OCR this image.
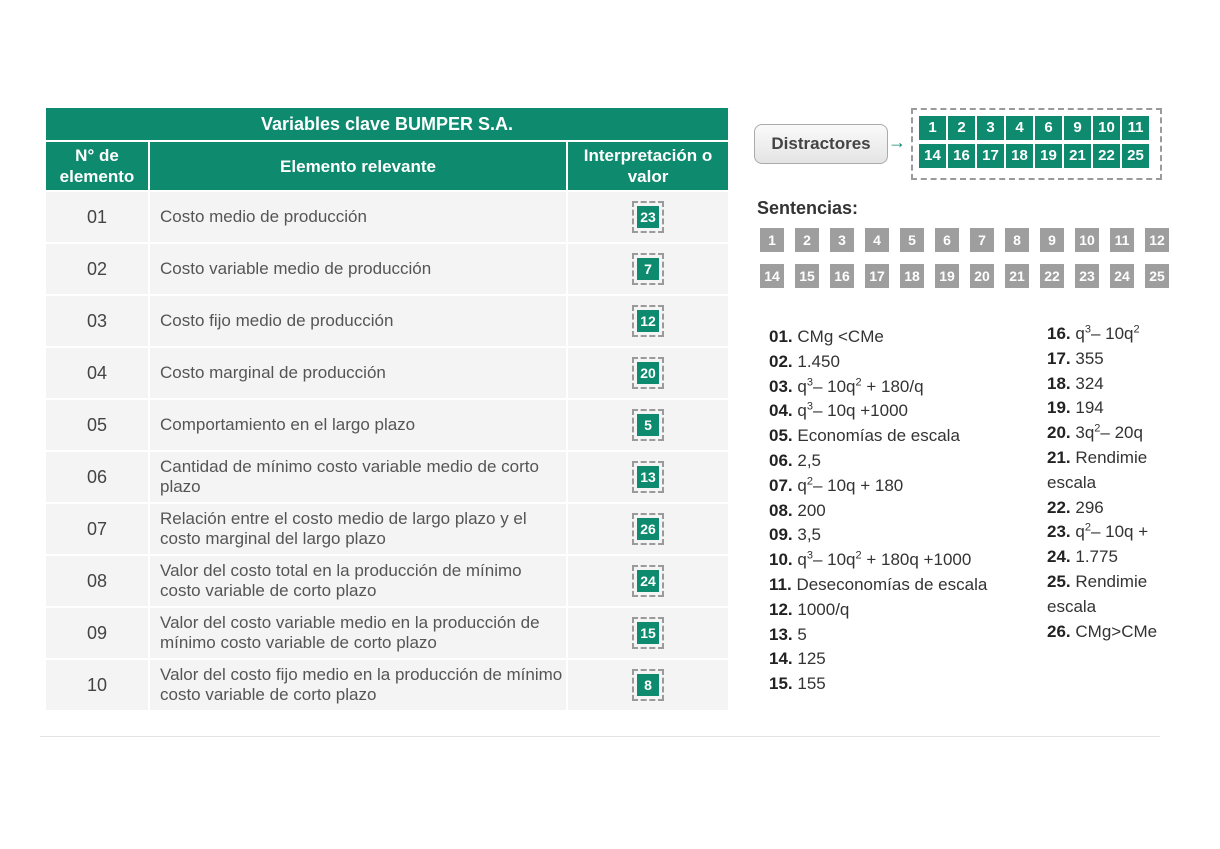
Variables clave BUMPER S.A.		
N° de elemento	Elemento relevante	Interpretación o valor
01	Costo medio de producción	23

02	Costo variable medio de producción	7

03	Costo fijo medio de producción	12

04	Costo marginal de producción	20

05	Comportamiento en el largo plazo	5

06	Cantidad de mínimo costo variable medio de corto plazo	13

07	Relación entre el costo medio de largo plazo y el costo marginal del largo plazo	26

08	Valor del costo total en la producción de mínimo costo variable de corto plazo	24

09	Valor del costo variable medio en la producción de mínimo costo variable de corto plazo	15

10	Valor del costo fijo medio en la producción de mínimo costo variable de corto plazo	8
Distractores →
1	2	3	4	6	9	10 11
14 16 17 18 19 21 22 25
Sentencias:
1	2	3	4	5	6	7	8	9	10	11	12
14	15	16	17	18	19	20	21	22	23	24	25
01. CMg <CMe
02. 1.450
03. $q^3-$ $10q^2 + 180/q$
04. $q^3-$ 10q +1000
05. Economías de escala
06. 2,5
07. $q^2-$ 10q + 180
08. 200
09. 3,5
10. $q^3-$ $10q^2 + 180q +1000$
11. Deseconomías de escala
12. 1000/q
13. 5
14. 125
15. 155
16. $q^3-$ $10q^2$
17. 355
18. 324
19. 194
20. $3q^2-$ 20q
21. Rendimie
escala
22. 296
23. $q^2-$ 10q +
24. 1.775
25. Rendimie
escala
26. CMg>CMe
